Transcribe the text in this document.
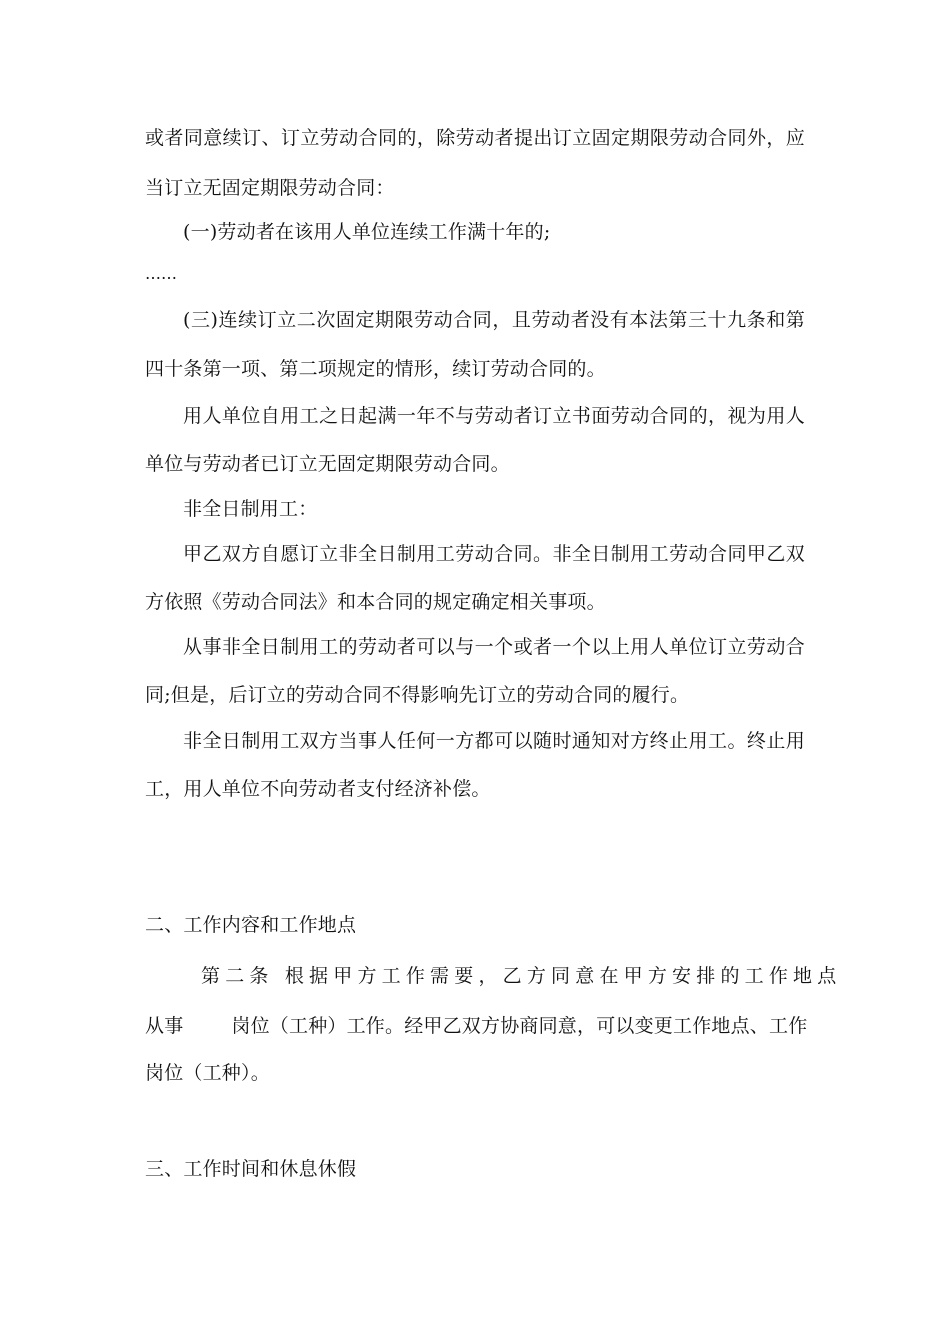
或者同意续订、订立劳动合同的，除劳动者提出订立固定期限劳动合同外，应
当订立无固定期限劳动合同：
(一)劳动者在该用人单位连续工作满十年的;
……
(三)连续订立二次固定期限劳动合同，且劳动者没有本法第三十九条和第
四十条第一项、第二项规定的情形，续订劳动合同的。
用人单位自用工之日起满一年不与劳动者订立书面劳动合同的，视为用人
单位与劳动者已订立无固定期限劳动合同。
非全日制用工：
甲乙双方自愿订立非全日制用工劳动合同。非全日制用工劳动合同甲乙双
方依照《劳动合同法》和本合同的规定确定相关事项。
从事非全日制用工的劳动者可以与一个或者一个以上用人单位订立劳动合
同;但是，后订立的劳动合同不得影响先订立的劳动合同的履行。
非全日制用工双方当事人任何一方都可以随时通知对方终止用工。终止用
工，用人单位不向劳动者支付经济补偿。
二、工作内容和工作地点
第二条 根据甲方工作需要，乙方同意在甲方安排的工作地点
从事	岗位（工种）工作。经甲乙双方协商同意，可以变更工作地点、工作
岗位（工种）。
三、工作时间和休息休假
